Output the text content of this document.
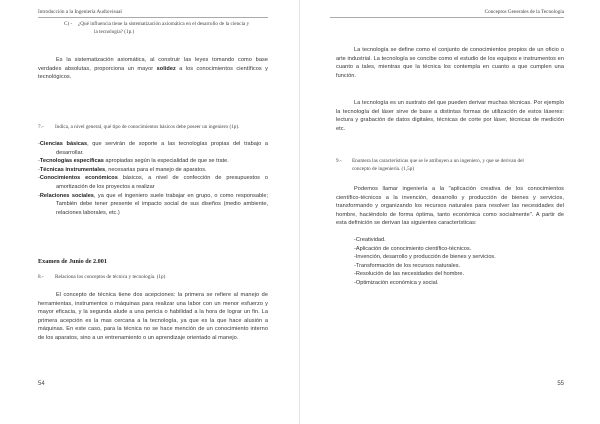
Introducción a la Ingeniería Audiovisual
C) - ¿Qué influencia tiene la sistematización axiomática en el desarrollo de la ciencia y
la tecnología? (1p.)
Es la sistematización axiomática, al construir las leyes tomando como base verdades absolutas, proporciona un mayor solidez a los conocimientos científicos y tecnológicos.
7.- Indica, a nivel general, qué tipo de conocimientos básicos debe poseer un ingeniero (1p).
-Ciencias básicas, que servirán de soporte a las tecnologías propias del trabajo a desarrollar.
-Tecnologías específicas apropiadas según la especialidad de que se trate.
-Técnicas instrumentales, necesarias para el manejo de aparatos.
-Conocimientos económicos básicos, a nivel de confección de presupuestos o amortización de los proyectos a realizar
-Relaciones sociales, ya que el ingeniero suele trabajar en grupo, o como responsable; También debe tener presente el impacto social de sus diseños (medio ambiente, relaciones laborales, etc.)
Examen de Junio de 2.001
8.- Relaciona los conceptos de técnica y tecnología. (1p)
El concepto de técnica tiene dos acepciones: la primera se refiere al manejo de herramientas, instrumentos o máquinas para realizar una labor con un menor esfuerzo y mayor eficacia, y la segunda alude a una pericia o habilidad a la hora de lograr un fin. La primera acepción es la mas cercana a la tecnología, ya que es la que hace alusión a máquinas. En este caso, para la técnica no se hace mención de un conocimiento interno de los aparatos, sino a un entrenamiento o un aprendizaje orientado al manejo.
54
Conceptos Generales de la Tecnología
La tecnología se define como el conjunto de conocimientos propios de un oficio o arte industrial. La tecnología se concibe como el estudio de los equipos e instrumentos en cuanto a tales, mientras que la técnica los contempla en cuanto a que cumplen una función.
La tecnología es un sustrato del que pueden derivar muchas técnicas. Por ejemplo la tecnología del láser sirve de base a distintas formas de utilización de estos láseres: lectura y grabación de datos digitales, técnicas de corte por láser, técnicas de medición etc.
9.- Enumera las características que se le atribuyen a un ingeniero, y que se derivan del
concepto de ingeniería. (1,5p)
Podemos llamar ingeniería a la "aplicación creativa de los conocimientos científico-técnicos a la invención, desarrollo y producción de bienes y servicios, transformando y organizando los recursos naturales para resolver las necesidades del hombre, haciéndolo de forma óptima, tanto económica como socialmente". A partir de esta definición se derivan las siguientes características:
-Creatividad.
-Aplicación de conocimiento científico-técnicos.
-Invención, desarrollo y producción de bienes y servicios.
-Transformación de los recursos naturales.
-Resolución de las necesidades del hombre.
-Optimización económica y social.
55
